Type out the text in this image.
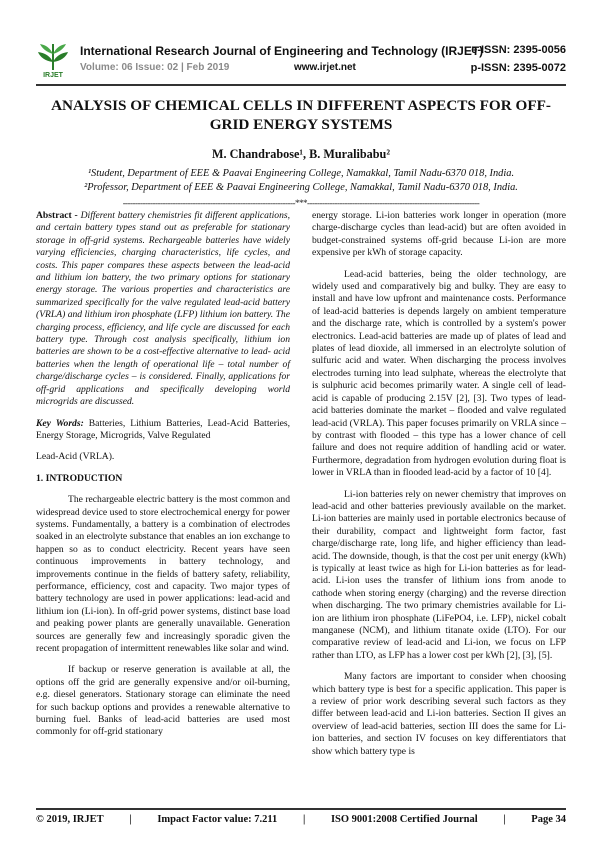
IRJET
International Research Journal of Engineering and Technology (IRJET)
e-ISSN: 2395-0056
Volume: 06 Issue: 02 | Feb 2019	www.irjet.net	p-ISSN: 2395-0072
ANALYSIS OF CHEMICAL CELLS IN DIFFERENT ASPECTS FOR OFF-GRID ENERGY SYSTEMS
M. Chandrabose¹, B. Muralibabu²
¹Student, Department of EEE & Paavai Engineering College, Namakkal, Tamil Nadu-6370 018, India.
²Professor, Department of EEE & Paavai Engineering College, Namakkal, Tamil Nadu-6370 018, India.
---------------------------------------------------------------------***---------------------------------------------------------------------

Abstract - Different battery chemistries fit different applications, and certain battery types stand out as preferable for stationary storage in off-grid systems. Rechargeable batteries have widely varying efficiencies, charging characteristics, life cycles, and costs. This paper compares these aspects between the lead-acid and lithium ion battery, the two primary options for stationary energy storage. The various properties and characteristics are summarized specifically for the valve regulated lead-acid battery (VRLA) and lithium iron phosphate (LFP) lithium ion battery. The charging process, efficiency, and life cycle are discussed for each battery type. Through cost analysis specifically, lithium ion batteries are shown to be a cost-effective alternative to lead- acid batteries when the length of operational life – total number of charge/discharge cycles – is considered. Finally, applications for off-grid applications and specifically developing world microgrids are discussed.

Key Words: Batteries, Lithium Batteries, Lead-Acid Batteries, Energy Storage, Microgrids, Valve Regulated

Lead-Acid (VRLA).

1. INTRODUCTION

The rechargeable electric battery is the most common and widespread device used to store electrochemical energy for power systems. Fundamentally, a battery is a combination of electrodes soaked in an electrolyte substance that enables an ion exchange to happen so as to conduct electricity. Recent years have seen continuous improvements in battery technology, and improvements continue in the fields of battery safety, reliability, performance, efficiency, cost and capacity. Two major types of battery technology are used in power applications: lead-acid and lithium ion (Li-ion). In off-grid power systems, distinct base load and peaking power plants are generally unavailable. Generation sources are generally few and increasingly sporadic given the recent propagation of intermittent renewables like solar and wind.

If backup or reserve generation is available at all, the options off the grid are generally expensive and/or oil-burning, e.g. diesel generators. Stationary storage can eliminate the need for such backup options and provides a renewable alternative to burning fuel. Banks of lead-acid batteries are used most commonly for off-grid stationary

energy storage. Li-ion batteries work longer in operation (more charge-discharge cycles than lead-acid) but are often avoided in budget-constrained systems off-grid because Li-ion are more expensive per kWh of storage capacity.

Lead-acid batteries, being the older technology, are widely used and comparatively big and bulky. They are easy to install and have low upfront and maintenance costs. Performance of lead-acid batteries is depends largely on ambient temperature and the discharge rate, which is controlled by a system's power electronics. Lead-acid batteries are made up of plates of lead and plates of lead dioxide, all immersed in an electrolyte solution of sulfuric acid and water. When discharging the process involves electrodes turning into lead sulphate, whereas the electrolyte that is sulphuric acid becomes primarily water. A single cell of lead-acid is capable of producing 2.15V [2], [3]. Two types of lead-acid batteries dominate the market – flooded and valve regulated lead-acid (VRLA). This paper focuses primarily on VRLA since – by contrast with flooded – this type has a lower chance of cell failure and does not require addition of handling acid or water. Furthermore, degradation from hydrogen evolution during float is lower in VRLA than in flooded lead-acid by a factor of 10 [4].

Li-ion batteries rely on newer chemistry that improves on lead-acid and other batteries previously available on the market. Li-ion batteries are mainly used in portable electronics because of their durability, compact and lightweight form factor, fast charge/discharge rate, long life, and higher efficiency than lead-acid. The downside, though, is that the cost per unit energy (kWh) is typically at least twice as high for Li-ion batteries as for lead-acid. Li-ion uses the transfer of lithium ions from anode to cathode when storing energy (charging) and the reverse direction when discharging. The two primary chemistries available for Li-ion are lithium iron phosphate (LiFePO4, i.e. LFP), nickel cobalt manganese (NCM), and lithium titanate oxide (LTO). For our comparative review of lead-acid and Li-ion, we focus on LFP rather than LTO, as LFP has a lower cost per kWh [2], [3], [5].

Many factors are important to consider when choosing which battery type is best for a specific application. This paper is a review of prior work describing several such factors as they differ between lead-acid and Li-ion batteries. Section II gives an overview of lead-acid batteries, section III does the same for Li-ion batteries, and section IV focuses on key differentiators that show which battery type is

© 2019, IRJET | Impact Factor value: 7.211 | ISO 9001:2008 Certified Journal | Page 34
